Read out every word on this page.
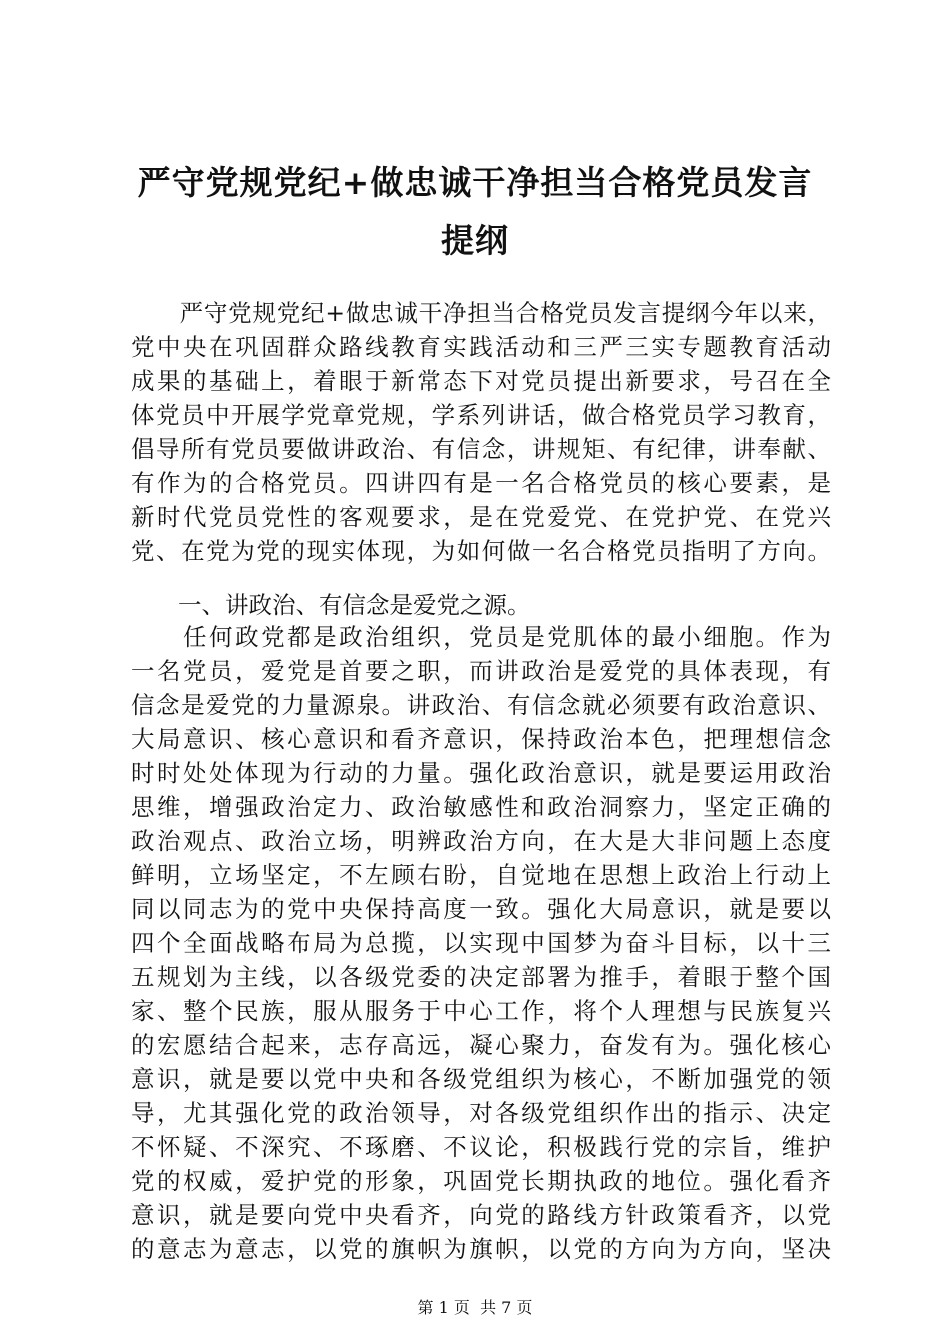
严守党规党纪+做忠诚干净担当合格党员发言
提纲
　　严守党规党纪+做忠诚干净担当合格党员发言提纲今年以来，
党中央在巩固群众路线教育实践活动和三严三实专题教育活动
成果的基础上，着眼于新常态下对党员提出新要求，号召在全
体党员中开展学党章党规，学系列讲话，做合格党员学习教育，
倡导所有党员要做讲政治、有信念，讲规矩、有纪律，讲奉献、
有作为的合格党员。四讲四有是一名合格党员的核心要素，是
新时代党员党性的客观要求，是在党爱党、在党护党、在党兴
党、在党为党的现实体现，为如何做一名合格党员指明了方向。
　　一、讲政治、有信念是爱党之源。
　　任何政党都是政治组织，党员是党肌体的最小细胞。作为
一名党员，爱党是首要之职，而讲政治是爱党的具体表现，有
信念是爱党的力量源泉。讲政治、有信念就必须要有政治意识、
大局意识、核心意识和看齐意识，保持政治本色，把理想信念
时时处处体现为行动的力量。强化政治意识，就是要运用政治
思维，增强政治定力、政治敏感性和政治洞察力，坚定正确的
政治观点、政治立场，明辨政治方向，在大是大非问题上态度
鲜明，立场坚定，不左顾右盼，自觉地在思想上政治上行动上
同以同志为的党中央保持高度一致。强化大局意识，就是要以
四个全面战略布局为总揽，以实现中国梦为奋斗目标，以十三
五规划为主线，以各级党委的决定部署为推手，着眼于整个国
家、整个民族，服从服务于中心工作，将个人理想与民族复兴
的宏愿结合起来，志存高远，凝心聚力，奋发有为。强化核心
意识，就是要以党中央和各级党组织为核心，不断加强党的领
导，尤其强化党的政治领导，对各级党组织作出的指示、决定
不怀疑、不深究、不琢磨、不议论，积极践行党的宗旨，维护
党的权威，爱护党的形象，巩固党长期执政的地位。强化看齐
意识，就是要向党中央看齐，向党的路线方针政策看齐，以党
的意志为意志，以党的旗帜为旗帜，以党的方向为方向，坚决
第 1 页  共 7 页
